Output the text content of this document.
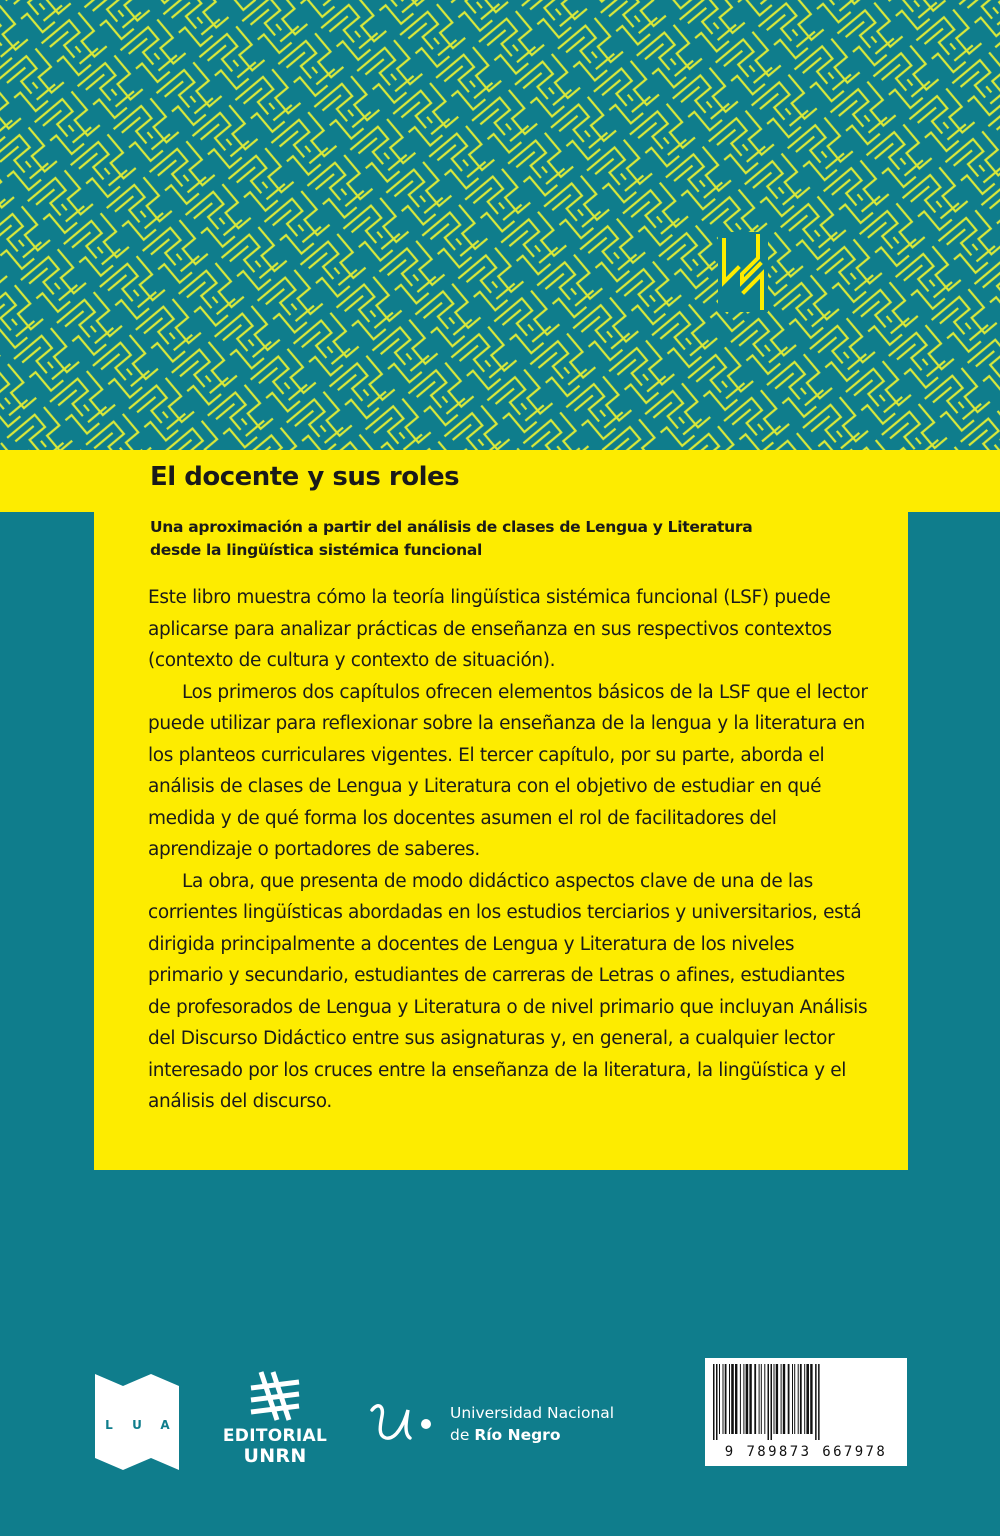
El docente y sus roles
Una aproximación a partir del análisis de clases de Lengua y Literatura
desde la lingüística sistémica funcional

Este libro muestra cómo la teoría lingüística sistémica funcional (LSF) puede aplicarse para analizar prácticas de enseñanza en sus respectivos contextos (contexto de cultura y contexto de situación).

Los primeros dos capítulos ofrecen elementos básicos de la LSF que el lector puede utilizar para reflexionar sobre la enseñanza de la lengua y la literatura en los planteos curriculares vigentes. El tercer capítulo, por su parte, aborda el análisis de clases de Lengua y Literatura con el objetivo de estudiar en qué medida y de qué forma los docentes asumen el rol de facilitadores del aprendizaje o portadores de saberes.

La obra, que presenta de modo didáctico aspectos clave de una de las corrientes lingüísticas abordadas en los estudios terciarios y universitarios, está dirigida principalmente a docentes de Lengua y Literatura de los niveles primario y secundario, estudiantes de carreras de Letras o afines, estudiantes de profesorados de Lengua y Literatura o de nivel primario que incluyan Análisis del Discurso Didáctico entre sus asignaturas y, en general, a cualquier lector interesado por los cruces entre la enseñanza de la literatura, la lingüística y el análisis del discurso.

L U A
EDITORIAL
UNRN
Universidad Nacional
de Río Negro
9 789873 667978
